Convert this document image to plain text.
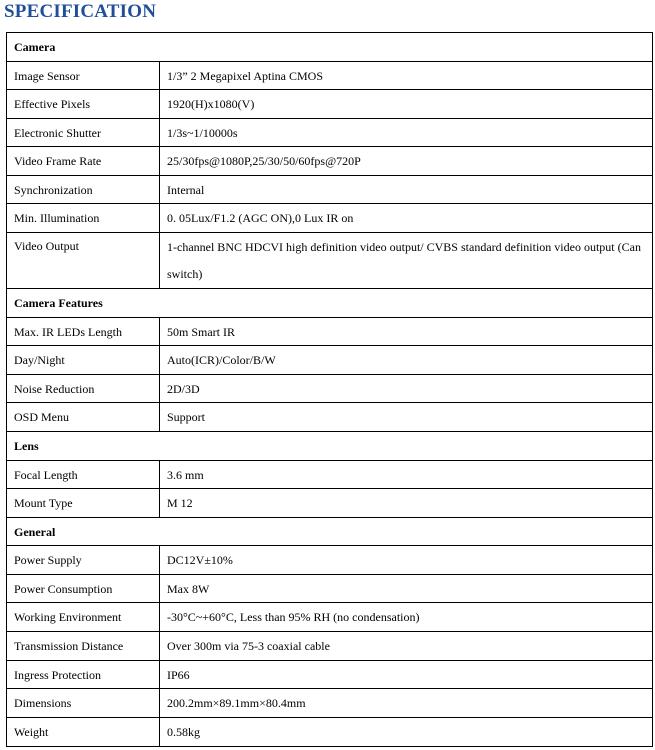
SPECIFICATION
Camera	
Image Sensor	1/3” 2 Megapixel Aptina CMOS
Effective Pixels	1920(H)x1080(V)
Electronic Shutter	1/3s~1/10000s
Video Frame Rate	25/30fps@1080P,25/30/50/60fps@720P
Synchronization	Internal
Min. Illumination	0. 05Lux/F1.2 (AGC ON),0 Lux IR on
Video Output	1-channel BNC HDCVI high definition video output/ CVBS standard definition video output (Can switch)
Camera Features	
Max. IR LEDs Length	50m Smart IR
Day/Night	Auto(ICR)/Color/B/W
Noise Reduction	2D/3D
OSD Menu	Support
Lens	
Focal Length	3.6 mm
Mount Type	M 12
General	
Power Supply	DC12V±10%
Power Consumption	Max 8W
Working Environment	-30°C~+60°C, Less than 95% RH (no condensation)
Transmission Distance	Over 300m via 75-3 coaxial cable
Ingress Protection	IP66
Dimensions	200.2mm×89.1mm×80.4mm
Weight	0.58kg
